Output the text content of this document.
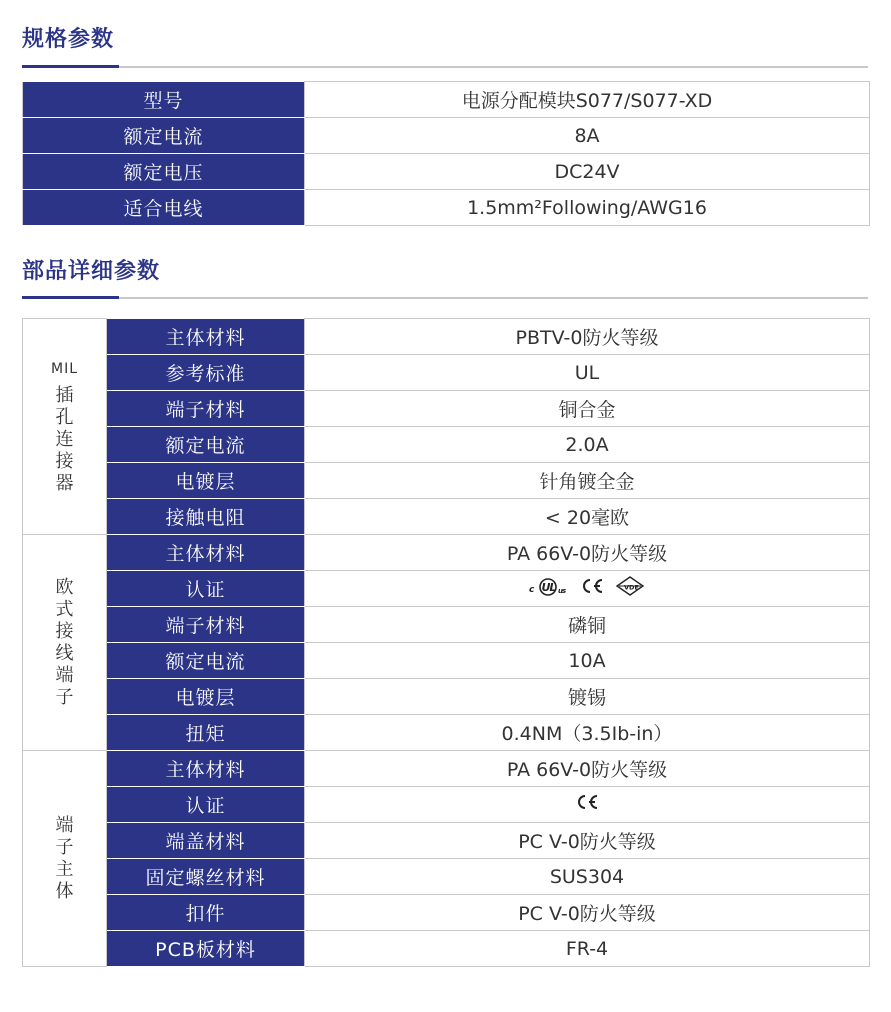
规格参数
型号	电源分配模块S077/S077-XD
额定电流	8A
额定电压	DC24V
适合电线	1.5mm²Following/AWG16
部品详细参数
MIL
插孔连接器	主体材料	PBTV-0防火等级
	参考标准	UL
	端子材料	铜合金
	额定电流	2.0A
	电镀层	针角镀全金
	接触电阻	< 20毫欧
欧式接线端子	主体材料	PA 66V-0防火等级
	认证	c UL us VDE

	端子材料	磷铜
	额定电流	10A
	电镀层	镀锡
	扭矩	0.4NM（3.5Ib-in）
端子主体	主体材料	PA 66V-0防火等级
	认证	

	端盖材料	PC V-0防火等级
	固定螺丝材料	SUS304
	扣件	PC V-0防火等级
	PCB板材料	FR-4
